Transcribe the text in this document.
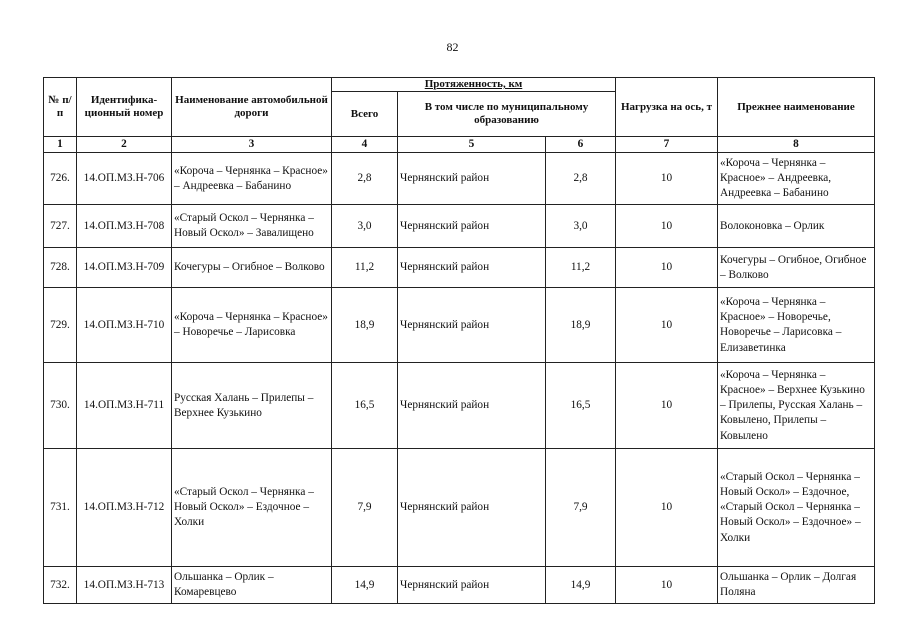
82
№ п/п	Идентифика-ционный номер	Наименование автомобильной дороги	Протяженность, км			Нагрузка на ось, т	Прежнее наименование
			Всего	В том числе по муниципальному образованию			
1	2	3	4	5	6	7	8
726.	14.ОП.МЗ.Н-706	«Короча – Чернянка – Красное» – Андреевка – Бабанино	2,8	Чернянский район	2,8	10	«Короча – Чернянка – Красное» – Андреевка, Андреевка – Бабанино
727.	14.ОП.МЗ.Н-708	«Старый Оскол – Чернянка – Новый Оскол» – Завалищено	3,0	Чернянский район	3,0	10	Волоконовка – Орлик
728.	14.ОП.МЗ.Н-709	Кочегуры – Огибное – Волково	11,2	Чернянский район	11,2	10	Кочегуры – Огибное, Огибное – Волково
729.	14.ОП.МЗ.Н-710	«Короча – Чернянка – Красное» – Новоречье – Ларисовка	18,9	Чернянский район	18,9	10	«Короча – Чернянка – Красное» – Новоречье, Новоречье – Ларисовка – Елизаветинка
730.	14.ОП.МЗ.Н-711	Русская Халань – Прилепы – Верхнее Кузькино	16,5	Чернянский район	16,5	10	«Короча – Чернянка – Красное» – Верхнее Кузькино – Прилепы, Русская Халань – Ковылено, Прилепы – Ковылено
731.	14.ОП.МЗ.Н-712	«Старый Оскол – Чернянка – Новый Оскол» – Ездочное – Холки	7,9	Чернянский район	7,9	10	«Старый Оскол – Чернянка – Новый Оскол» – Ездочное, «Старый Оскол – Чернянка – Новый Оскол» – Ездочное» – Холки
732.	14.ОП.МЗ.Н-713	Ольшанка – Орлик – Комаревцево	14,9	Чернянский район	14,9	10	Ольшанка – Орлик – Долгая Поляна
